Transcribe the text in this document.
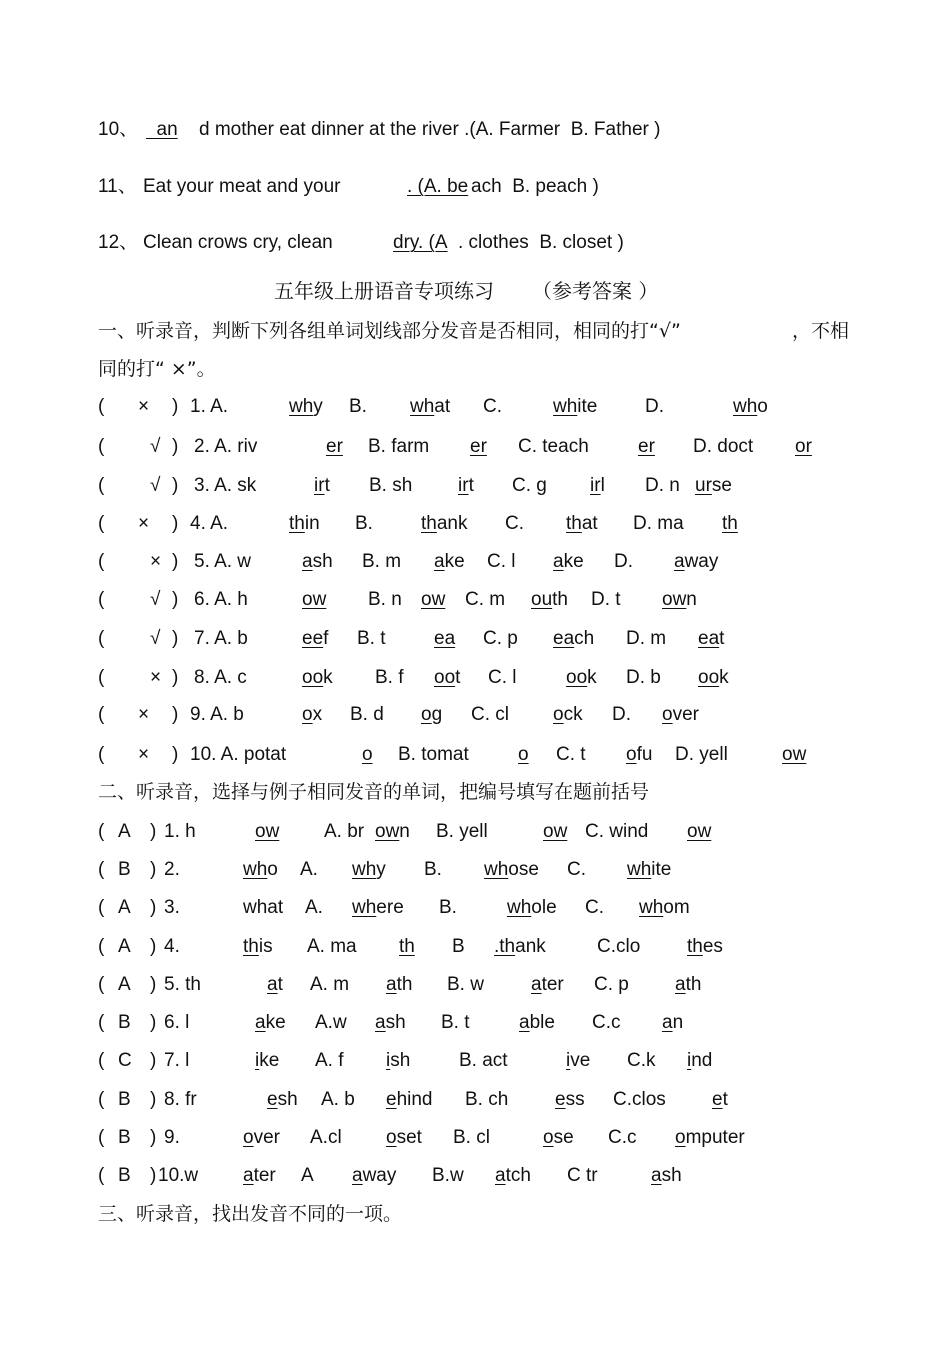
10、 an d mother eat dinner at the river .(A. Farmer  B. Father )
11、 Eat your meat and your	. (A. be ach  B. peach )
12、 Clean crows cry, clean	dry. (A . clothes  B. closet )
五年级上册语音专项练习 （参考答案 ）
一、听录音，判断下列各组单词划线部分发音是否相同，相同的打“√”	，不相
同的打“ ×”。
( × ) 1. A.	wh y B. wh at C.	wh ite	D.	wh o
( √ ) 2. A. riv	er B. farm er C. teach	er D. doct or
( √ ) 3. A. sk	ir t B. sh ir t C. g ir l D. n ur se
( × ) 4. A.	th in B.	th ank C. th at D. ma th
( × ) 5. A. w	a sh B. m a ke C. l a ke D. a way
( √ ) 6. A. h	ow B. n ow C. m ou th D. t ow n
( √ ) 7. A. b	ee f B. t	ea C. p ea ch D. m ea t
( × ) 8. A. c	oo k B. f oo t C. l	oo k D. b oo k
( × ) 9. A. b	o x B. d o g C. cl o ck D. o ver
( × ) 10. A. potat	o B. tomat	o C. t o fu D. yell	ow
二、听录音，选择与例子相同发音的单词，把编号填写在题前括号
( A ) 1. h	ow A. br ow n B. yell	ow C. wind ow
( B ) 2.	wh o A. wh y B. wh ose C. wh ite
( A ) 3.	what A. wh ere B.	wh ole C. wh om
( A ) 4.	th is A. ma th B .th ank	C.clo th es
( A ) 5. th	a t A. m a th B. w a ter C. p a th
( B ) 6. l	a ke A.w a sh B. t	a ble C.c a n
( C ) 7. l	i ke A. f i sh	B. act	i ve C.k i nd
( B ) 8. fr	e sh A. b e hind B. ch e ss C.clos e t
( B ) 9.	o ver A.cl o set B. cl	o se C.c o mputer
( B ) 10.w a ter A a way B.w a tch C tr	a sh
三、听录音，找出发音不同的一项。
